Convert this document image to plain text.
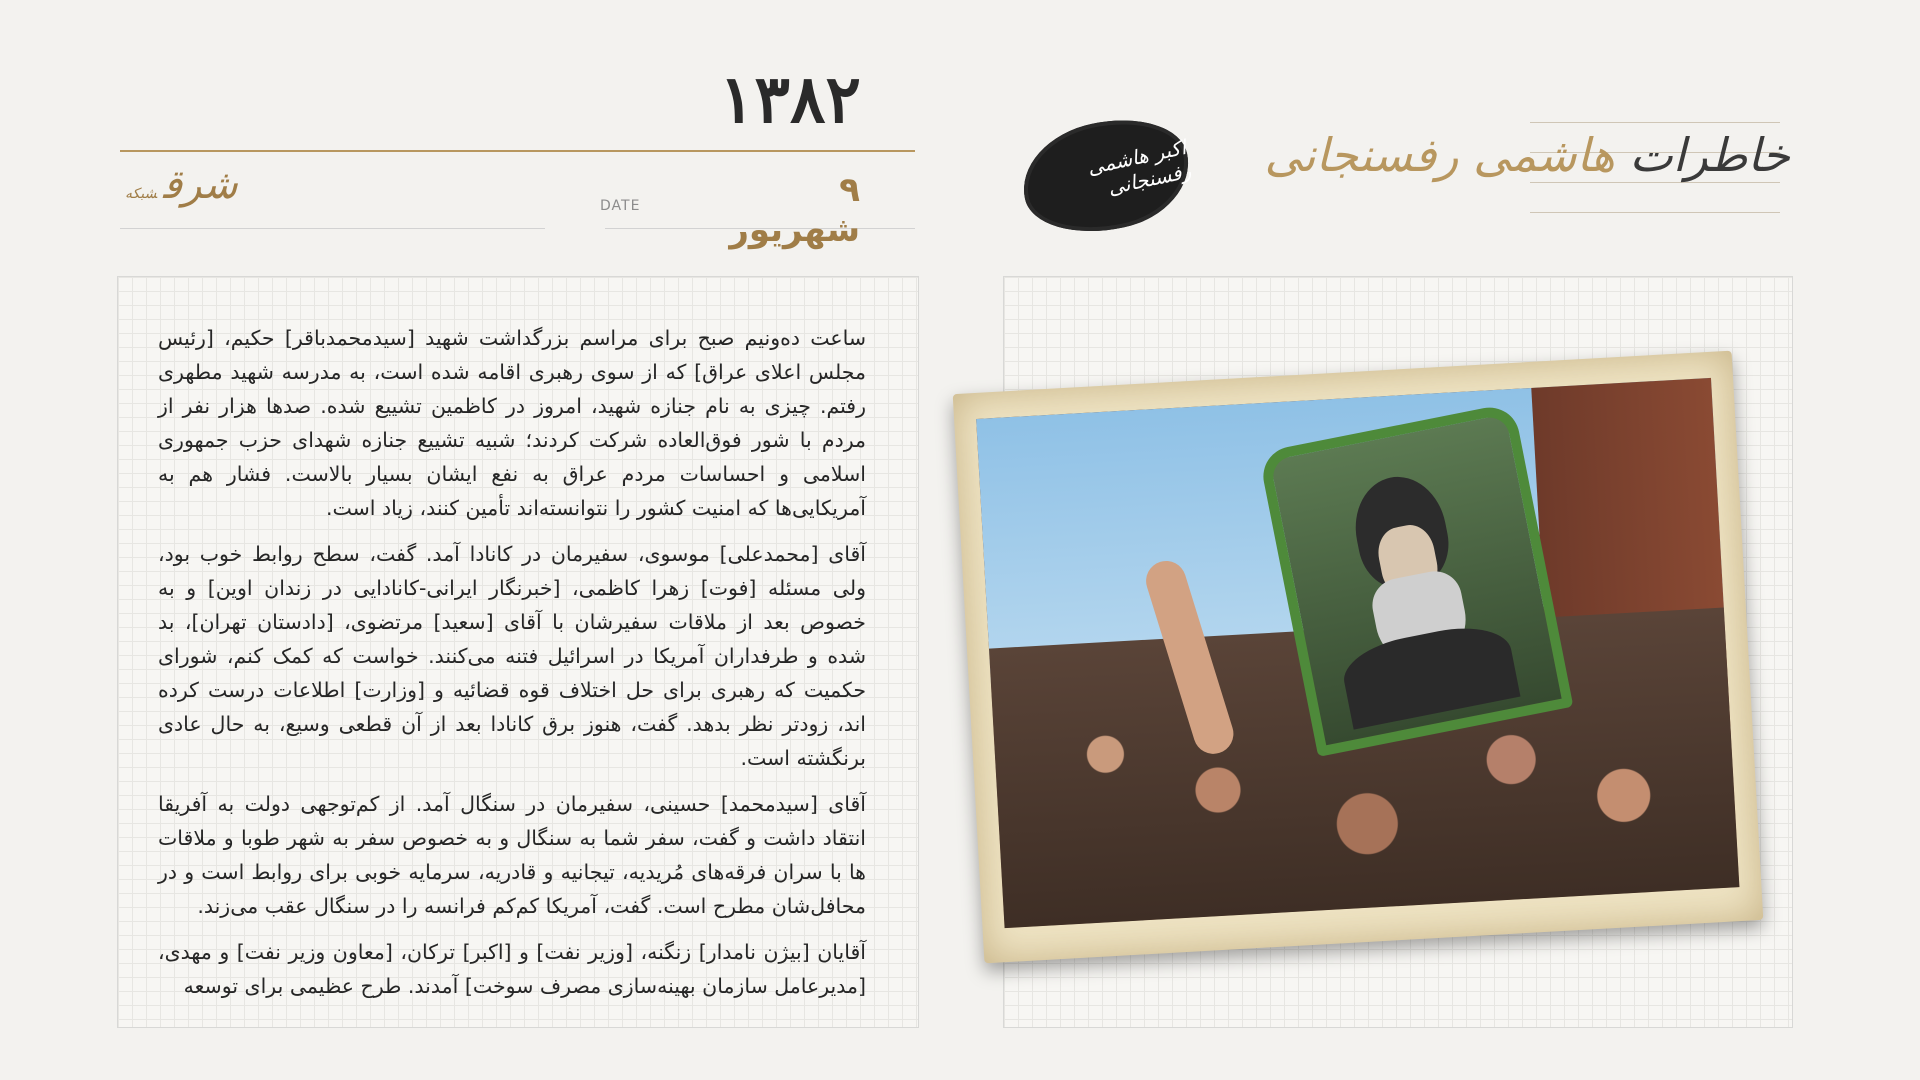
۱۳۸۲
۹ شهریور
DATE
شرقشبکه
اکبر هاشمی رفسنجانی	خاطرات هاشمی رفسنجانی

ساعت ده‌ونیم صبح برای مراسم بزرگداشت شهید [سیدمحمدباقر] حکیم، [رئیس مجلس اعلای عراق] که از سوی رهبری اقامه شده است، به مدرسه شهید مطهری رفتم. چیزی به نام جنازه شهید، امروز در کاظمین تشییع شده. صدها هزار نفر از مردم با شور فوق‌العاده شرکت کردند؛ شبیه تشییع جنازه شهدای حزب جمهوری اسلامی و احساسات مردم عراق به نفع ایشان بسیار بالاست. فشار هم به آمریکایی‌ها که امنیت کشور را نتوانسته‌اند تأمین کنند، زیاد است.

آقای [محمدعلی] موسوی، سفیرمان در کانادا آمد. گفت، سطح روابط خوب بود، ولی مسئله [فوت] زهرا کاظمی، [خبرنگار ایرانی-کانادایی در زندان اوین] و به خصوص بعد از ملاقات سفیرشان با آقای [سعید] مرتضوی، [دادستان تهران]، بد شده و طرفداران آمریکا در اسرائیل فتنه می‌کنند. خواست که کمک کنم، شورای حکمیت که رهبری برای حل اختلاف قوه قضائیه و [وزارت] اطلاعات درست کرده اند، زودتر نظر بدهد. گفت، هنوز برق کانادا بعد از آن قطعی وسیع، به حال عادی برنگشته است.

آقای [سیدمحمد] حسینی، سفیرمان در سنگال آمد. از کم‌توجهی دولت به آفریقا انتقاد داشت و گفت، سفر شما به سنگال و به خصوص سفر به شهر طوبا و ملاقات ها با سران فرقه‌های مُریدیه، تیجانیه و قادریه، سرمایه خوبی برای روابط است و در محافل‌شان مطرح است. گفت، آمریکا کم‌کم فرانسه را در سنگال عقب می‌زند.

آقایان [بیژن نامدار] زنگنه، [وزیر نفت] و [اکبر] ترکان، [معاون وزیر نفت] و مهدی، [مدیرعامل سازمان بهینه‌سازی مصرف سوخت] آمدند. طرح عظیمی برای توسعه
